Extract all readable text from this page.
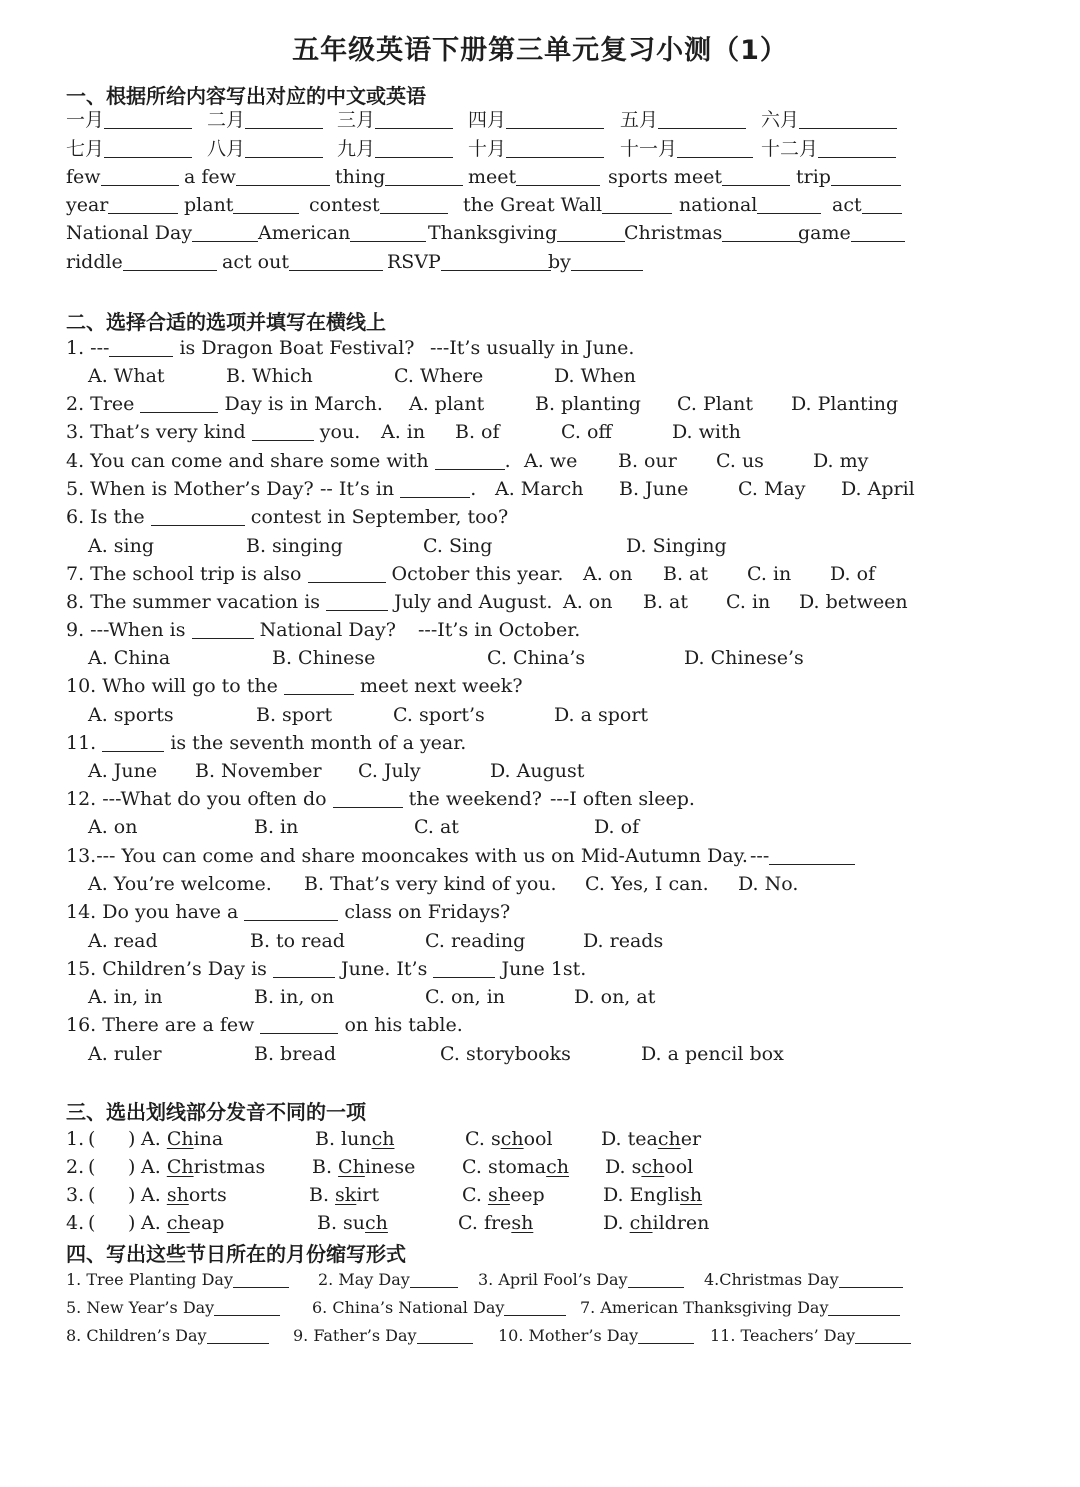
五年级英语下册第三单元复习小测（1）
一、根据所给内容写出对应的中文或英语
一月	二月	三月	四月	五月	六月
七月	八月	九月	十月	十一月	十二月
few	a few	thing	meet	sports meet	trip
year	plant	contest	the Great Wall	national	act
National Day	American	Thanksgiving	Christmas	game
riddle	act out	RSVP	by
二、选择合适的选项并填写在横线上
1. ---	is Dragon Boat Festival? ---It’s usually in June.
A. What	B. Which	C. Where	D. When
2. Tree	Day is in March. A. plant	B. planting C. Plant D. Planting
3. That’s very kind	you. A. in B. of	C. off	D. with
4. You can come and share some with	. A. we B. our C. us	D. my
5. When is Mother’s Day? -- It’s in	. A. March B. June	C. May D. April
6. Is the	contest in September, too?
A. sing	B. singing	C. Sing	D. Singing
7. The school trip is also	October this year. A. on B. at C. in D. of
8. The summer vacation is	July and August. A. on B. at C. in D. between
9. ---When is	National Day? ---It’s in October.
A. China	B. Chinese	C. China’s	D. Chinese’s
10. Who will go to the	meet next week?
A. sports	B. sport	C. sport’s	D. a sport
11.	is the seventh month of a year.
A. June B. November C. July	D. August
12. ---What do you often do	the weekend? ---I often sleep.
A. on	B. in	C. at	D. of
13.--- You can come and share mooncakes with us on Mid-Autumn Day. ---
A. You’re welcome. B. That’s very kind of you. C. Yes, I can. D. No.
14. Do you have a	class on Fridays?
A. read	B. to read	C. reading	D. reads
15. Children’s Day is	June. It’s	June 1st.
A. in, in	B. in, on	C. on, in	D. on, at
16. There are a few	on his table.
A. ruler	B. bread	C. storybooks	D. a pencil box
三、选出划线部分发音不同的一项
1. ( ) A. China	B. lunch	C. school	D. teacher
2. ( ) A. Christmas B. Chinese C. stomach D. school
3. ( ) A. shorts	B. skirt	C. sheep	D. English
4. ( ) A. cheap	B. such	C. fresh	D. children
四、写出这些节日所在的月份缩写形式
1. Tree Planting Day	2. May Day	3. April Fool’s Day	4.Christmas Day
5. New Year’s Day	6. China’s National Day	7. American Thanksgiving Day
8. Children’s Day	9. Father’s Day	10. Mother’s Day	11. Teachers’ Day
